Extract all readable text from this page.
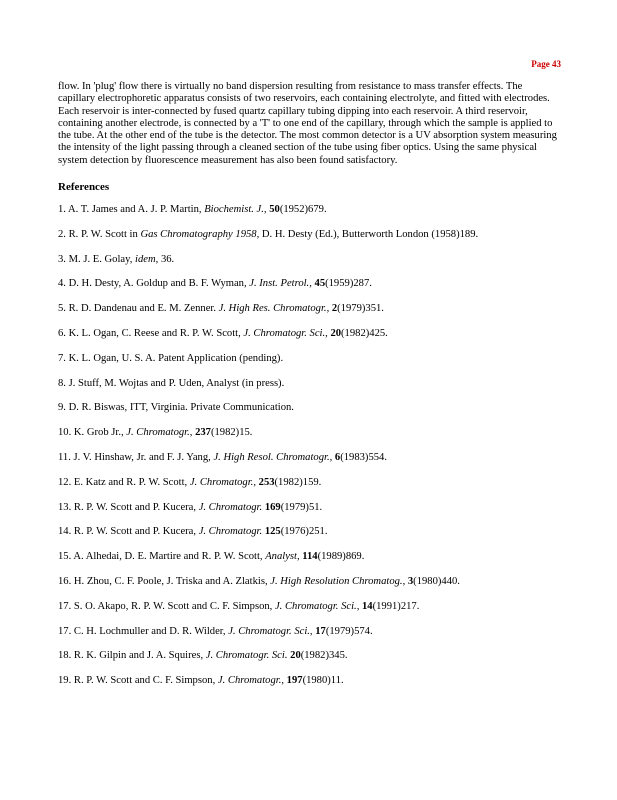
Page 43

flow. In 'plug' flow there is virtually no band dispersion resulting from resistance to mass transfer effects. The capillary electrophoretic apparatus consists of two reservoirs, each containing electrolyte, and fitted with electrodes. Each reservoir is inter-connected by fused quartz capillary tubing dipping into each reservoir. A third reservoir, containing another electrode, is connected by a 'T' to one end of the capillary, through which the sample is applied to the tube. At the other end of the tube is the detector. The most common detector is a UV absorption system measuring the intensity of the light passing through a cleaned section of the tube using fiber optics. Using the same physical system detection by fluorescence measurement has also been found satisfactory.

References
1. A. T. James and A. J. P. Martin, Biochemist. J., 50(1952)679.
2. R. P. W. Scott in Gas Chromatography 1958, D. H. Desty (Ed.), Butterworth London (1958)189.
3. M. J. E. Golay, idem, 36.
4. D. H. Desty, A. Goldup and B. F. Wyman, J. Inst. Petrol., 45(1959)287.
5. R. D. Dandenau and E. M. Zenner. J. High Res. Chromatogr., 2(1979)351.
6. K. L. Ogan, C. Reese and R. P. W. Scott, J. Chromatogr. Sci., 20(1982)425.
7. K. L. Ogan, U. S. A. Patent Application (pending).
8. J. Stuff, M. Wojtas and P. Uden, Analyst (in press).
9. D. R. Biswas, ITT, Virginia. Private Communication.
10. K. Grob Jr., J. Chromatogr., 237(1982)15.
11. J. V. Hinshaw, Jr. and F. J. Yang, J. High Resol. Chromatogr., 6(1983)554.
12. E. Katz and R. P. W. Scott, J. Chromatogr., 253(1982)159.
13. R. P. W. Scott and P. Kucera, J. Chromatogr. 169(1979)51.
14. R. P. W. Scott and P. Kucera, J. Chromatogr. 125(1976)251.
15. A. Alhedai, D. E. Martire and R. P. W. Scott, Analyst, 114(1989)869.
16. H. Zhou, C. F. Poole, J. Triska and A. Zlatkis, J. High Resolution Chromatog., 3(1980)440.
17. S. O. Akapo, R. P. W. Scott and C. F. Simpson, J. Chromatogr. Sci., 14(1991)217.
17. C. H. Lochmuller and D. R. Wilder, J. Chromatogr. Sci., 17(1979)574.
18. R. K. Gilpin and J. A. Squires, J. Chromatogr. Sci. 20(1982)345.
19. R. P. W. Scott and C. F. Simpson, J. Chromatogr., 197(1980)11.
